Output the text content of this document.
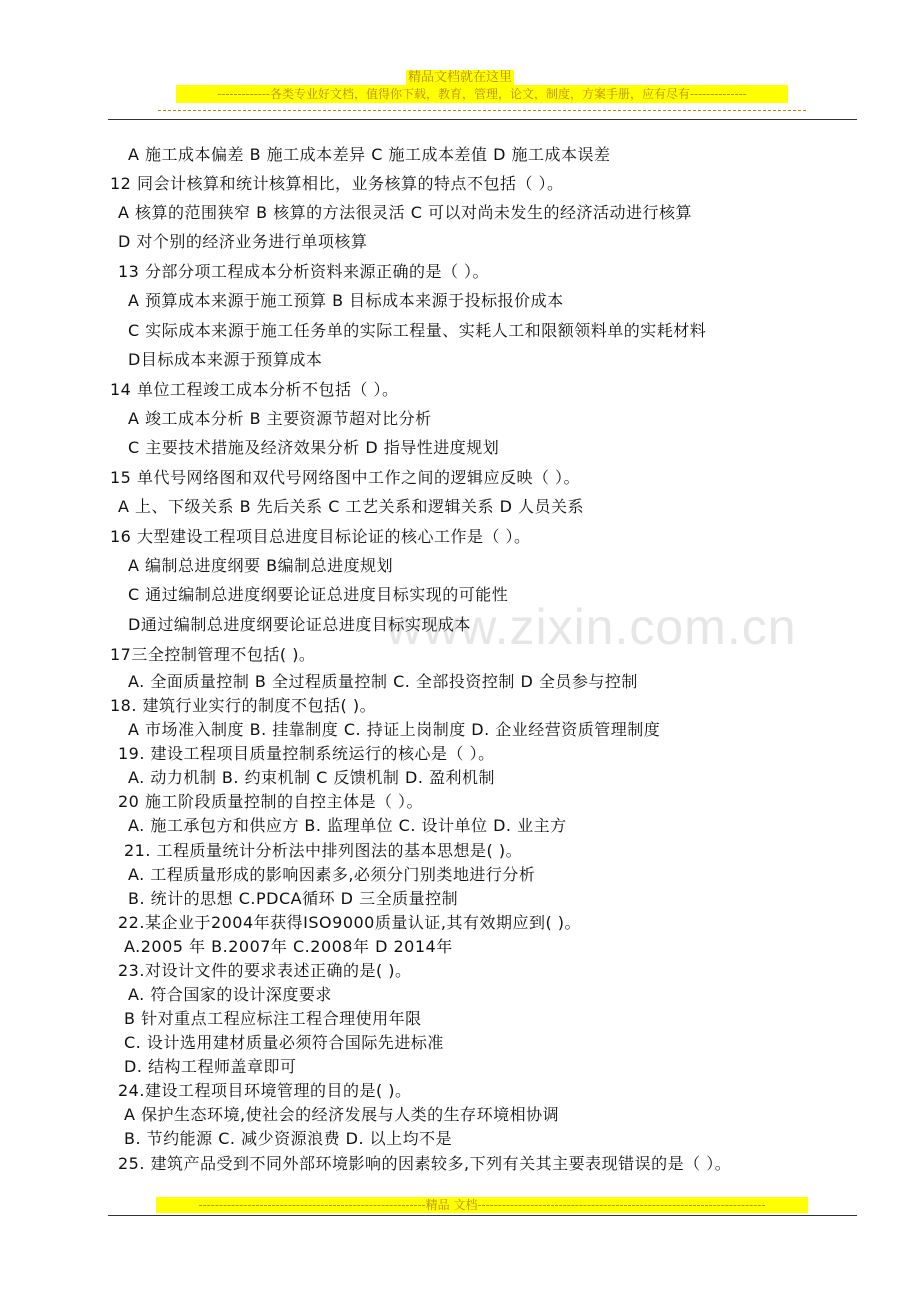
精品文档就在这里
-------------各类专业好文档，值得你下载，教育，管理，论文，制度，方案手册，应有尽有--------------
www.zixin.com.cn
A 施工成本偏差 B 施工成本差异 C 施工成本差值 D 施工成本误差
12 同会计核算和统计核算相比，业务核算的特点不包括（ ）。
A 核算的范围狭窄 B 核算的方法很灵活 C 可以对尚未发生的经济活动进行核算
D 对个别的经济业务进行单项核算
13 分部分项工程成本分析资料来源正确的是（ ）。
A 预算成本来源于施工预算 B 目标成本来源于投标报价成本
C 实际成本来源于施工任务单的实际工程量、实耗人工和限额领料单的实耗材料
D目标成本来源于预算成本
14 单位工程竣工成本分析不包括（ ）。
A 竣工成本分析 B 主要资源节超对比分析
C 主要技术措施及经济效果分析 D 指导性进度规划
15 单代号网络图和双代号网络图中工作之间的逻辑应反映（ ）。
A 上、下级关系 B 先后关系 C 工艺关系和逻辑关系 D 人员关系
16 大型建设工程项目总进度目标论证的核心工作是（ ）。
A 编制总进度纲要 B编制总进度规划
C 通过编制总进度纲要论证总进度目标实现的可能性
D通过编制总进度纲要论证总进度目标实现成本
17三全控制管理不包括( )。
A. 全面质量控制 B 全过程质量控制 C. 全部投资控制 D 全员参与控制
18. 建筑行业实行的制度不包括( )。
A 市场准入制度 B. 挂靠制度 C. 持证上岗制度 D. 企业经营资质管理制度
19. 建设工程项目质量控制系统运行的核心是（ ）。
A. 动力机制 B. 约束机制 C 反馈机制 D. 盈利机制
20 施工阶段质量控制的自控主体是（ ）。
A. 施工承包方和供应方 B. 监理单位 C. 设计单位 D. 业主方
21. 工程质量统计分析法中排列图法的基本思想是( )。
A. 工程质量形成的影响因素多,必须分门别类地进行分析
B. 统计的思想 C.PDCA循环 D 三全质量控制
22.某企业于2004年获得ISO9000质量认证,其有效期应到( )。
A.2005 年 B.2007年 C.2008年 D 2014年
23.对设计文件的要求表述正确的是( )。
A. 符合国家的设计深度要求
B 针对重点工程应标注工程合理使用年限
C. 设计选用建材质量必须符合国际先进标准
D. 结构工程师盖章即可
24.建设工程项目环境管理的目的是( )。
A 保护生态环境,使社会的经济发展与人类的生存环境相协调
B. 节约能源 C. 减少资源浪费 D. 以上均不是
25. 建筑产品受到不同外部环境影响的因素较多,下列有关其主要表现错误的是（ ）。
--------------------------------------------------------精品 文档-----------------------------------------------------------------------
